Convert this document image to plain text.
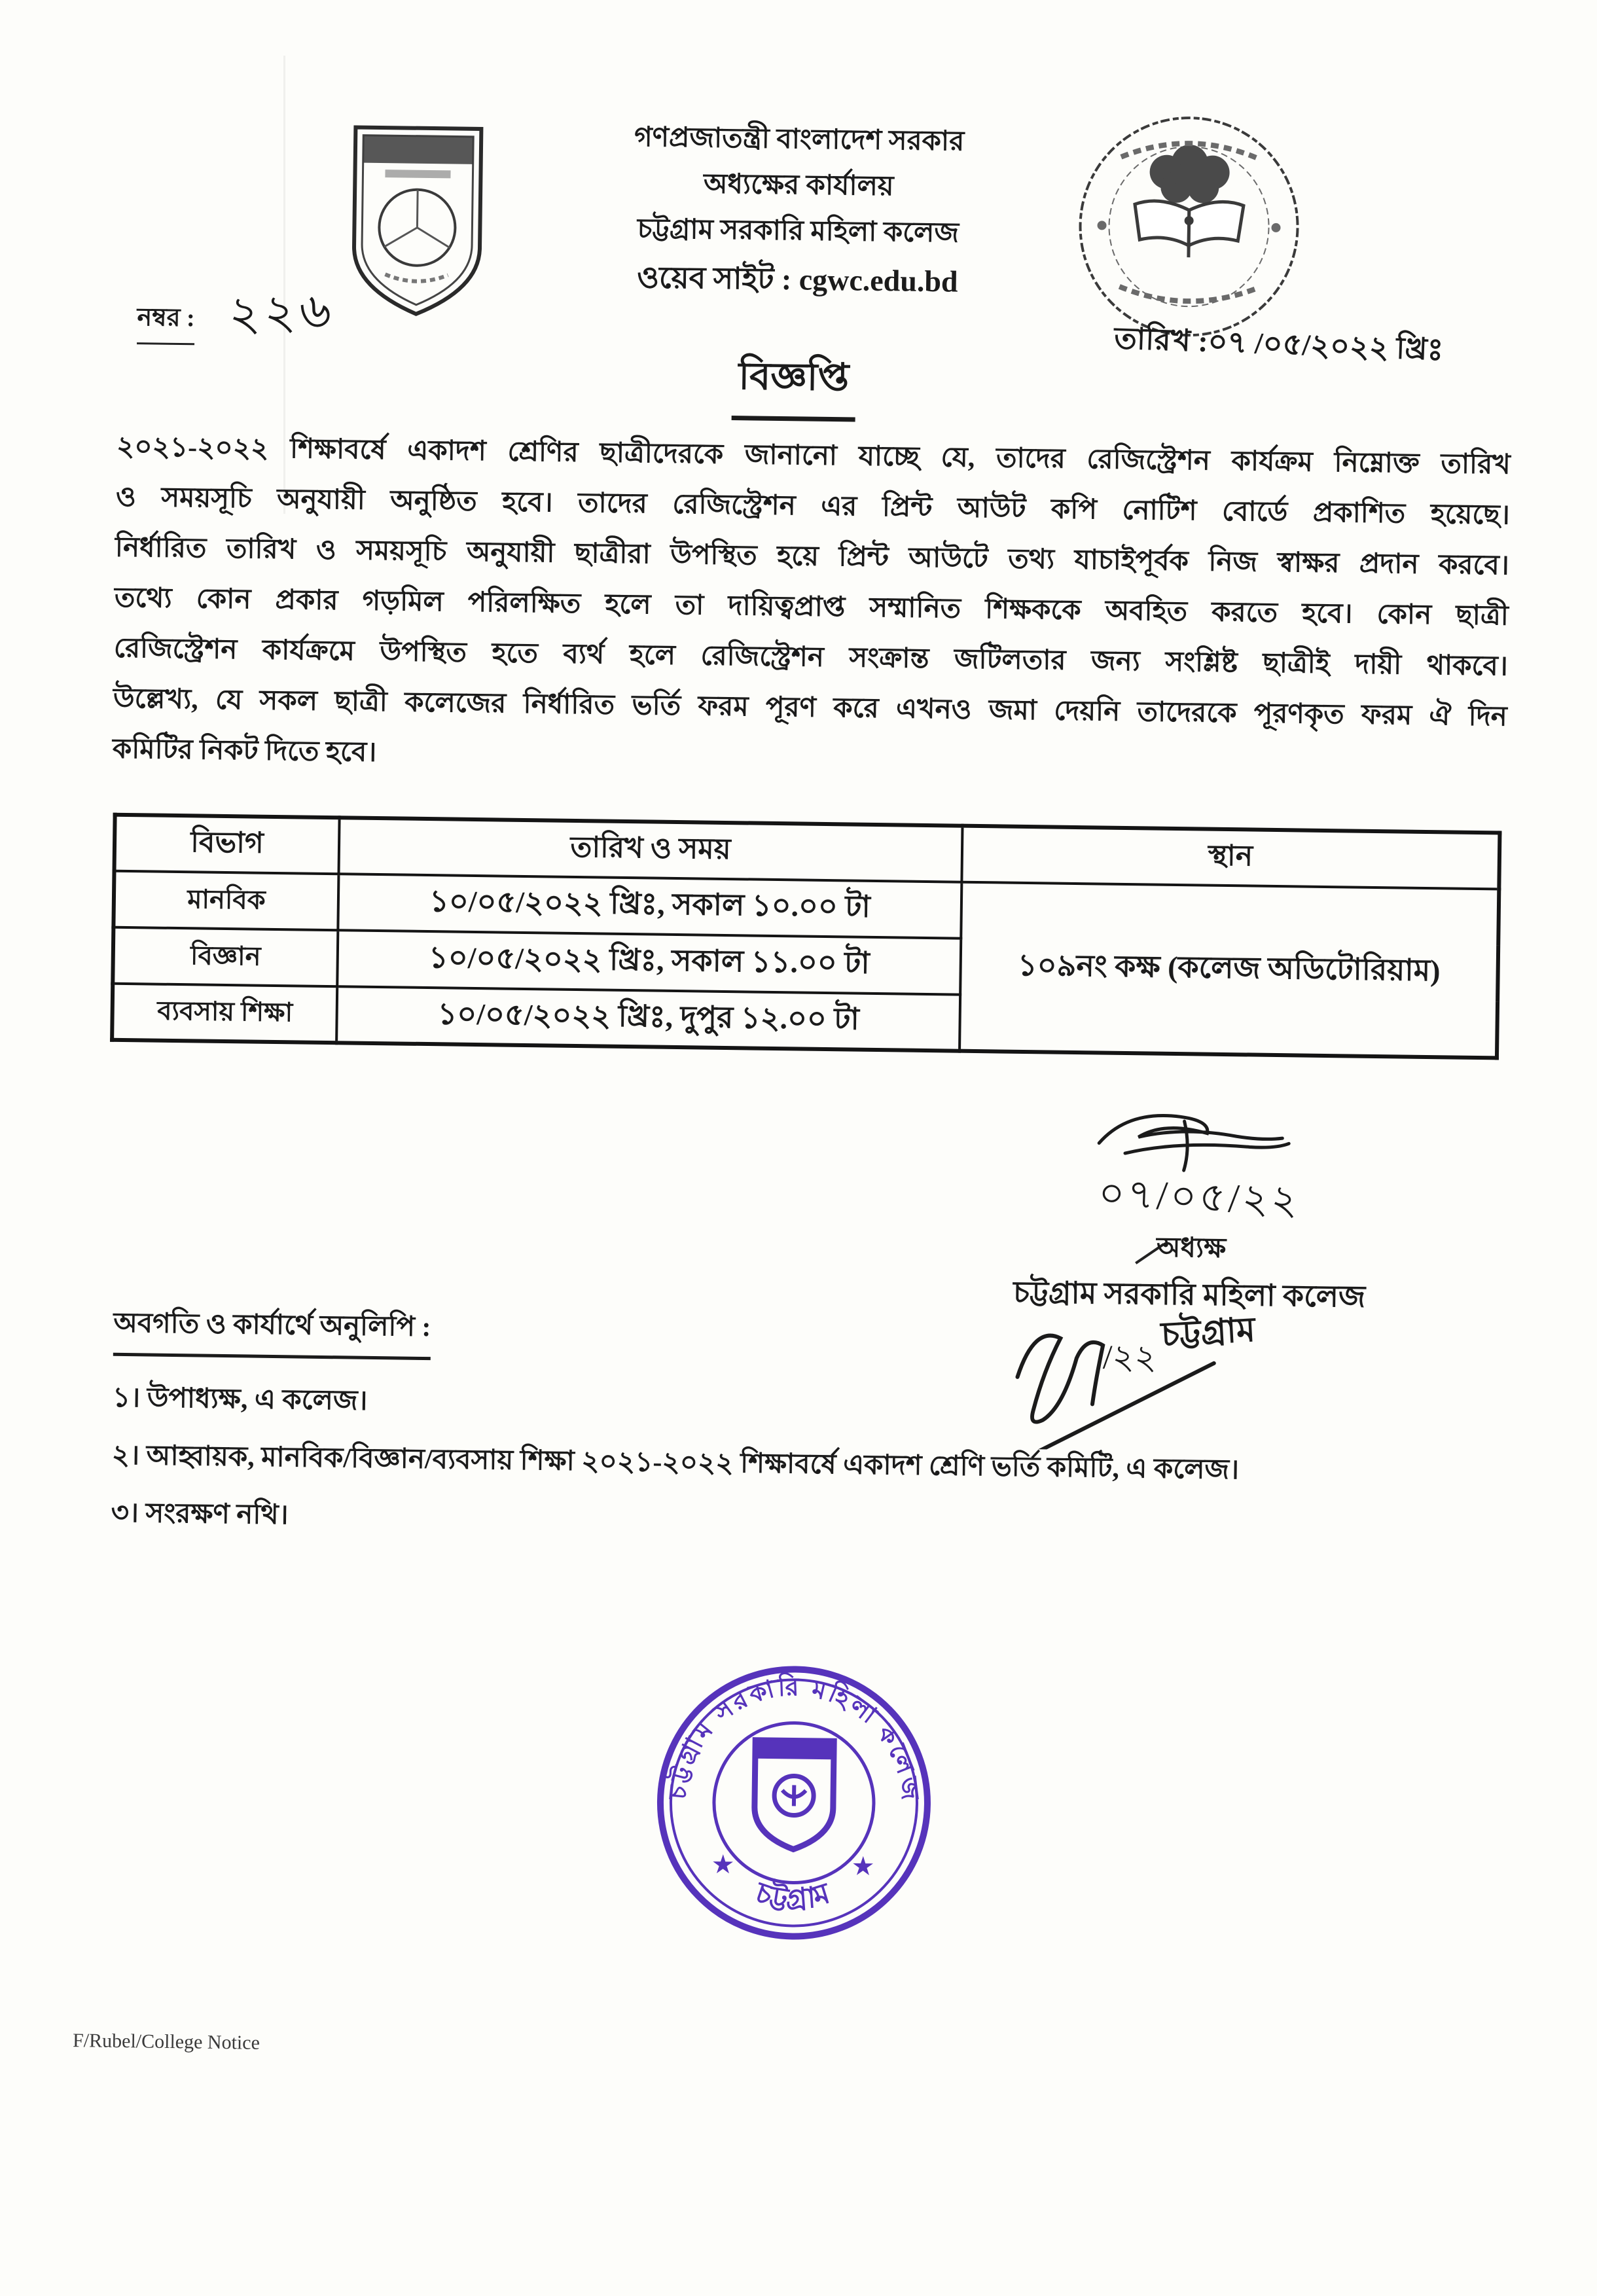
গণপ্রজাতন্ত্রী বাংলাদেশ সরকার
অধ্যক্ষের কার্যালয়
চট্টগ্রাম সরকারি মহিলা কলেজ
ওয়েব সাইট : cgwc.edu.bd
নম্বর : ২২৬
তারিখ :০৭ /০৫/২০২২ খ্রিঃ
বিজ্ঞপ্তি
২০২১-২০২২ শিক্ষাবর্ষে একাদশ শ্রেণির ছাত্রীদেরকে জানানো যাচ্ছে যে, তাদের রেজিস্ট্রেশন কার্যক্রম নিম্নোক্ত তারিখ
ও সময়সূচি অনুযায়ী অনুষ্ঠিত হবে। তাদের রেজিস্ট্রেশন এর প্রিন্ট আউট কপি নোটিশ বোর্ডে প্রকাশিত হয়েছে।
নির্ধারিত তারিখ ও সময়সূচি অনুযায়ী ছাত্রীরা উপস্থিত হয়ে প্রিন্ট আউটে তথ্য যাচাইপূর্বক নিজ স্বাক্ষর প্রদান করবে।
তথ্যে কোন প্রকার গড়মিল পরিলক্ষিত হলে তা দায়িত্বপ্রাপ্ত সম্মানিত শিক্ষককে অবহিত করতে হবে। কোন ছাত্রী
রেজিস্ট্রেশন কার্যক্রমে উপস্থিত হতে ব্যর্থ হলে রেজিস্ট্রেশন সংক্রান্ত জটিলতার জন্য সংশ্লিষ্ট ছাত্রীই দায়ী থাকবে।
উল্লেখ্য, যে সকল ছাত্রী কলেজের নির্ধারিত ভর্তি ফরম পূরণ করে এখনও জমা দেয়নি তাদেরকে পূরণকৃত ফরম ঐ দিন
কমিটির নিকট দিতে হবে।
বিভাগ	তারিখ ও সময়	স্থান
মানবিক	১০/০৫/২০২২ খ্রিঃ, সকাল ১০.০০ টা	১০৯নং কক্ষ (কলেজ অডিটোরিয়াম)
বিজ্ঞান	১০/০৫/২০২২ খ্রিঃ, সকাল ১১.০০ টা	
ব্যবসায় শিক্ষা	১০/০৫/২০২২ খ্রিঃ, দুপুর ১২.০০ টা	
০৭/০৫/২২
অধ্যক্ষ
চট্টগ্রাম সরকারি মহিলা কলেজ
/২২
চট্টগ্রাম
অবগতি ও কার্যার্থে অনুলিপি :
১। উপাধ্যক্ষ, এ কলেজ।
২। আহ্বায়ক, মানবিক/বিজ্ঞান/ব্যবসায় শিক্ষা ২০২১-২০২২ শিক্ষাবর্ষে একাদশ শ্রেণি ভর্তি কমিটি, এ কলেজ।
৩। সংরক্ষণ নথি।
চট্টগ্রাম সরকারি মহিলা কলেজ
চট্টগ্রাম
★	★
F/Rubel/College Notice
